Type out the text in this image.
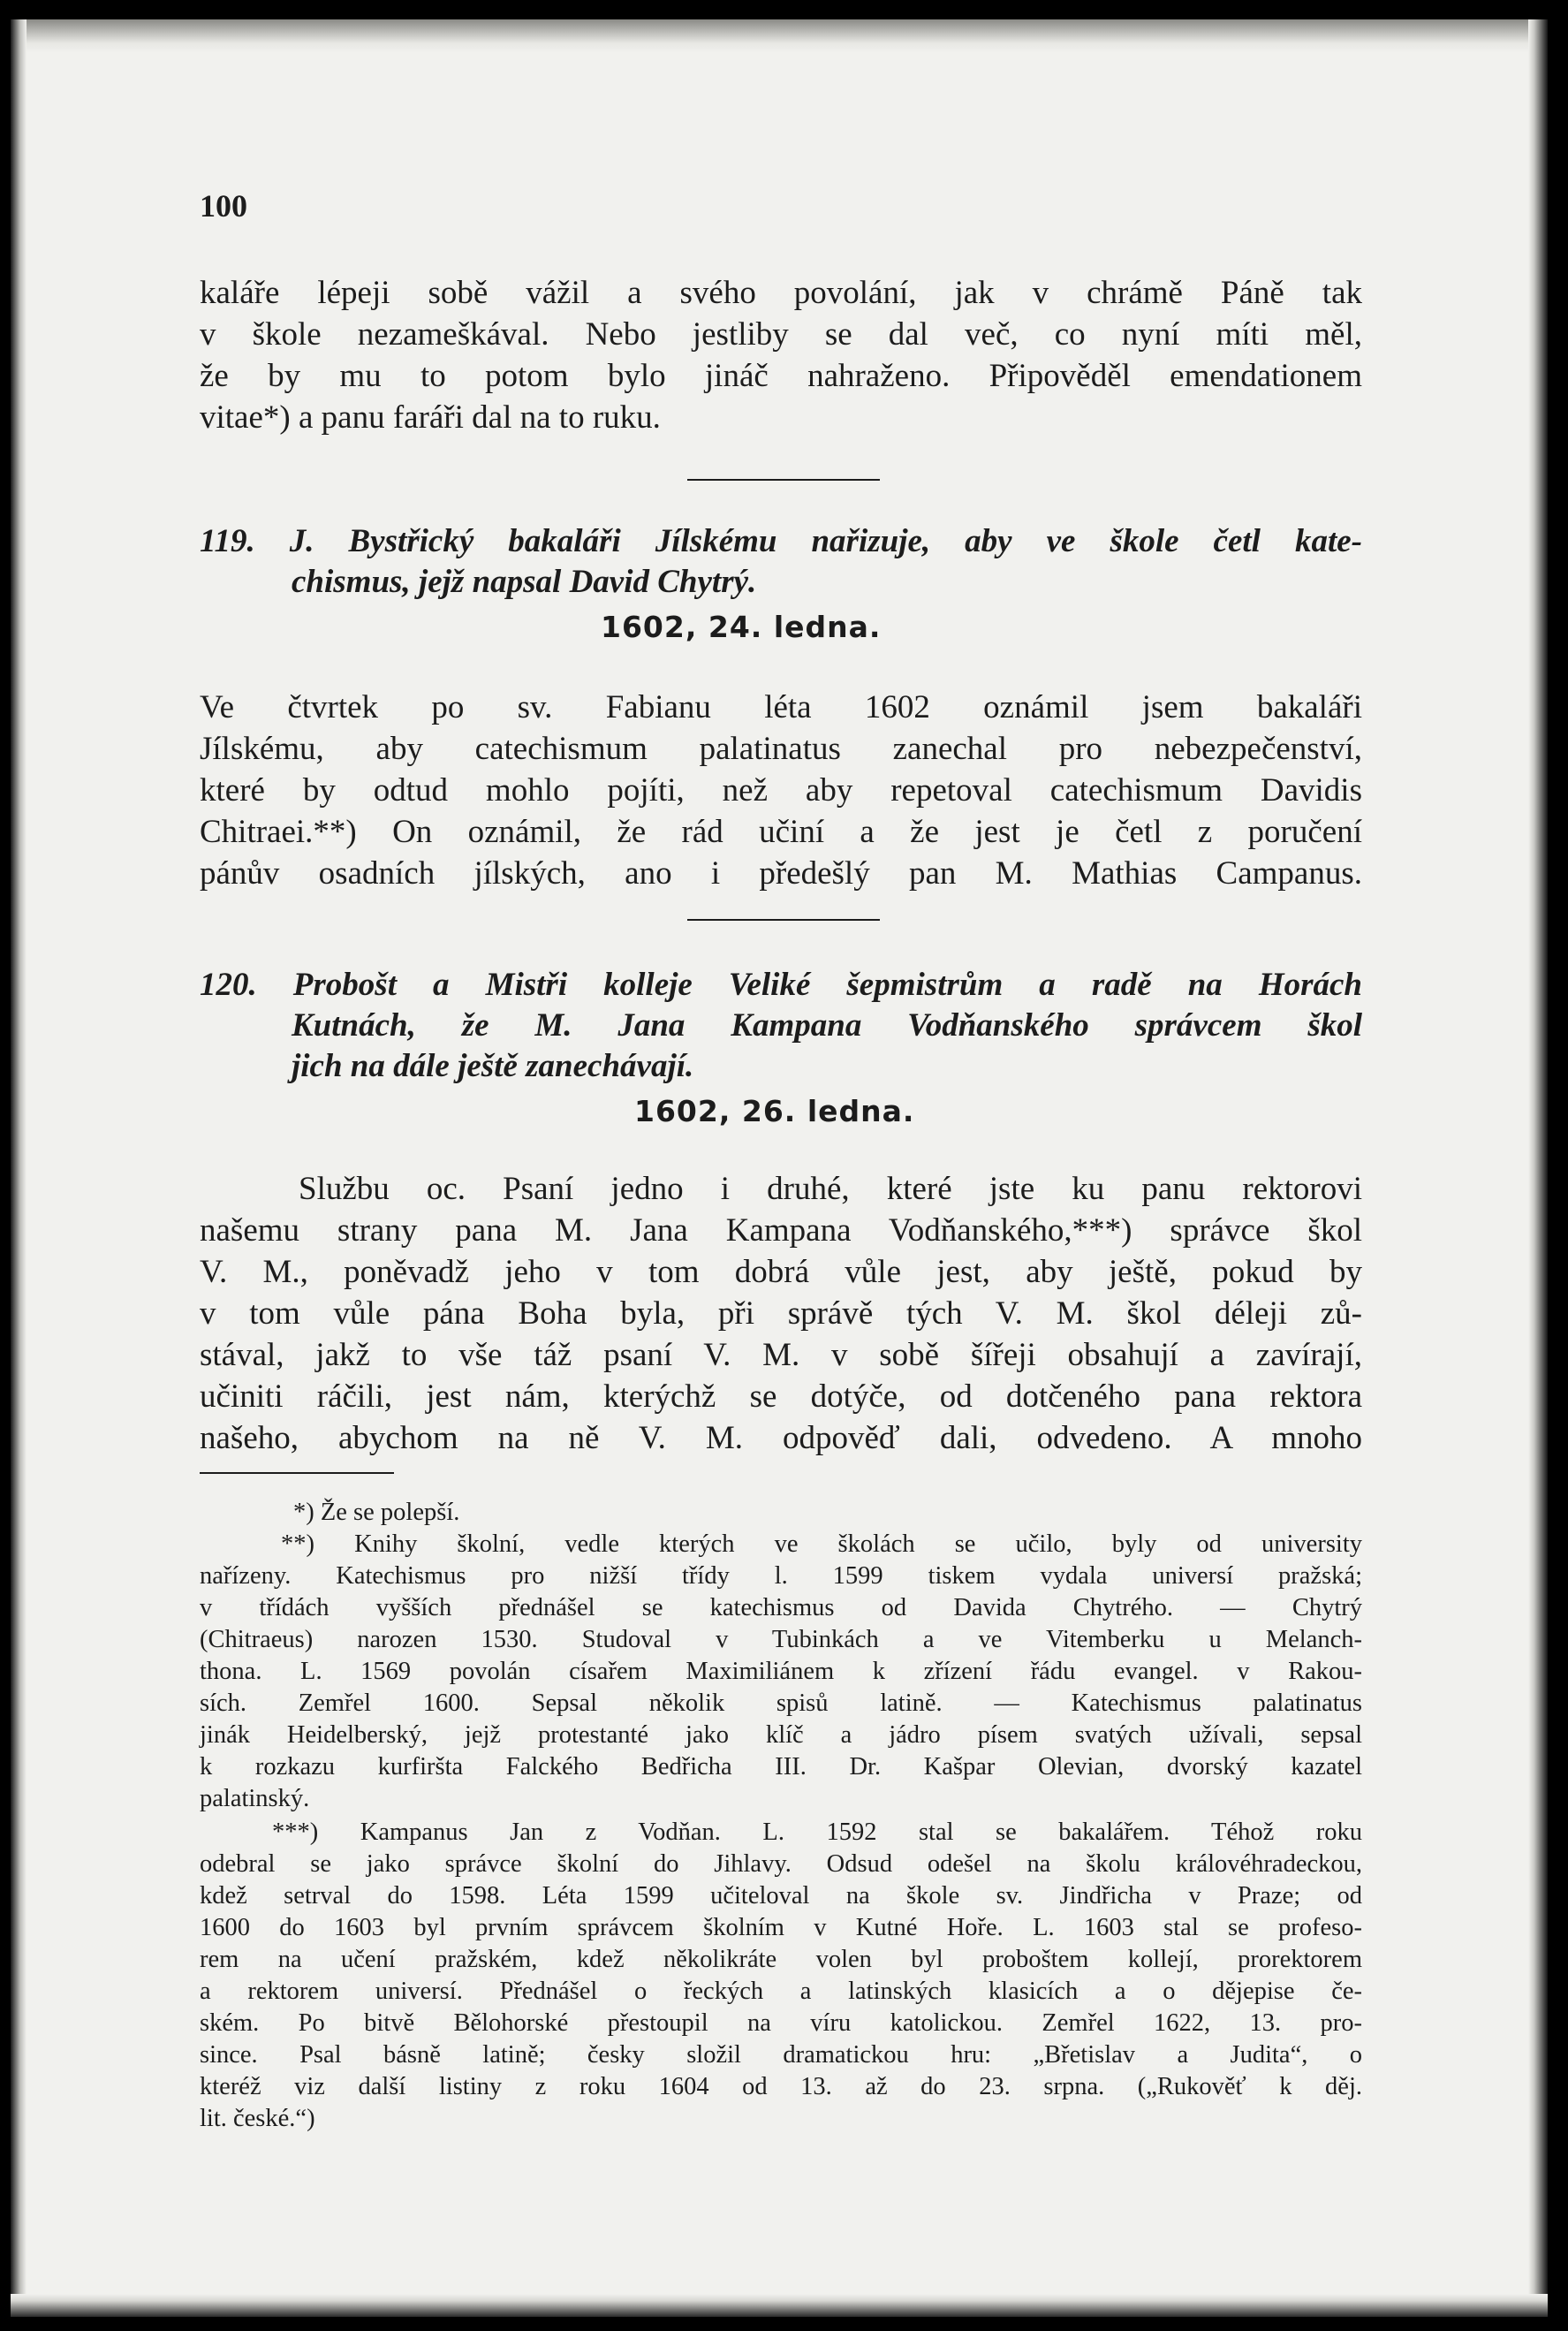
100
kaláře lépeji sobě vážil a svého povolání, jak v chrámě Páně tak
v škole nezameškával. Nebo jestliby se dal več, co nyní míti měl,
že by mu to potom bylo jináč nahraženo. Připověděl emendationem
vitae*) a panu faráři dal na to ruku.
119. J. Bystřický bakaláři Jílskému nařizuje, aby ve škole četl kate-
chismus, jejž napsal David Chytrý.
1602, 24. ledna.
Ve čtvrtek po sv. Fabianu léta 1602 oznámil jsem bakaláři
Jílskému, aby catechismum palatinatus zanechal pro nebezpečenství,
které by odtud mohlo pojíti, než aby repetoval catechismum Davidis
Chitraei.**) On oznámil, že rád učiní a že jest je četl z poručení
pánův osadních jílských, ano i předešlý pan M. Mathias Campanus.
120. Probošt a Mistři kolleje Veliké šepmistrům a radě na Horách
Kutnách, že M. Jana Kampana Vodňanského správcem škol
jich na dále ještě zanechávají.
1602, 26. ledna.
Službu oc. Psaní jedno i druhé, které jste ku panu rektorovi
našemu strany pana M. Jana Kampana Vodňanského,***) správce škol
V. M., poněvadž jeho v tom dobrá vůle jest, aby ještě, pokud by
v tom vůle pána Boha byla, při správě tých V. M. škol déleji zů-
stával, jakž to vše táž psaní V. M. v sobě šířeji obsahují a zavírají,
učiniti ráčili, jest nám, kterýchž se dotýče, od dotčeného pana rektora
našeho, abychom na ně V. M. odpověď dali, odvedeno. A mnoho
*) Že se polepší.
**) Knihy školní, vedle kterých ve školách se učilo, byly od university
nařízeny. Katechismus pro nižší třídy l. 1599 tiskem vydala universí pražská;
v třídách vyšších přednášel se katechismus od Davida Chytrého. — Chytrý
(Chitraeus) narozen 1530. Studoval v Tubinkách a ve Vitemberku u Melanch-
thona. L. 1569 povolán císařem Maximiliánem k zřízení řádu evangel. v Rakou-
sích. Zemřel 1600. Sepsal několik spisů latině. — Katechismus palatinatus
jinák Heidelberský, jejž protestanté jako klíč a jádro písem svatých užívali, sepsal
k rozkazu kurfiršta Falckého Bedřicha III. Dr. Kašpar Olevian, dvorský kazatel
palatinský.
***) Kampanus Jan z Vodňan. L. 1592 stal se bakalářem. Téhož roku
odebral se jako správce školní do Jihlavy. Odsud odešel na školu královéhradeckou,
kdež setrval do 1598. Léta 1599 učiteloval na škole sv. Jindřicha v Praze; od
1600 do 1603 byl prvním správcem školním v Kutné Hoře. L. 1603 stal se profeso-
rem na učení pražském, kdež několikráte volen byl proboštem kollejí, prorektorem
a rektorem universí. Přednášel o řeckých a latinských klasicích a o dějepise če-
ském. Po bitvě Bělohorské přestoupil na víru katolickou. Zemřel 1622, 13. pro-
since. Psal básně latině; česky složil dramatickou hru: „Břetislav a Judita“, o
kteréž viz další listiny z roku 1604 od 13. až do 23. srpna. („Rukověť k děj.
lit. české.“)
